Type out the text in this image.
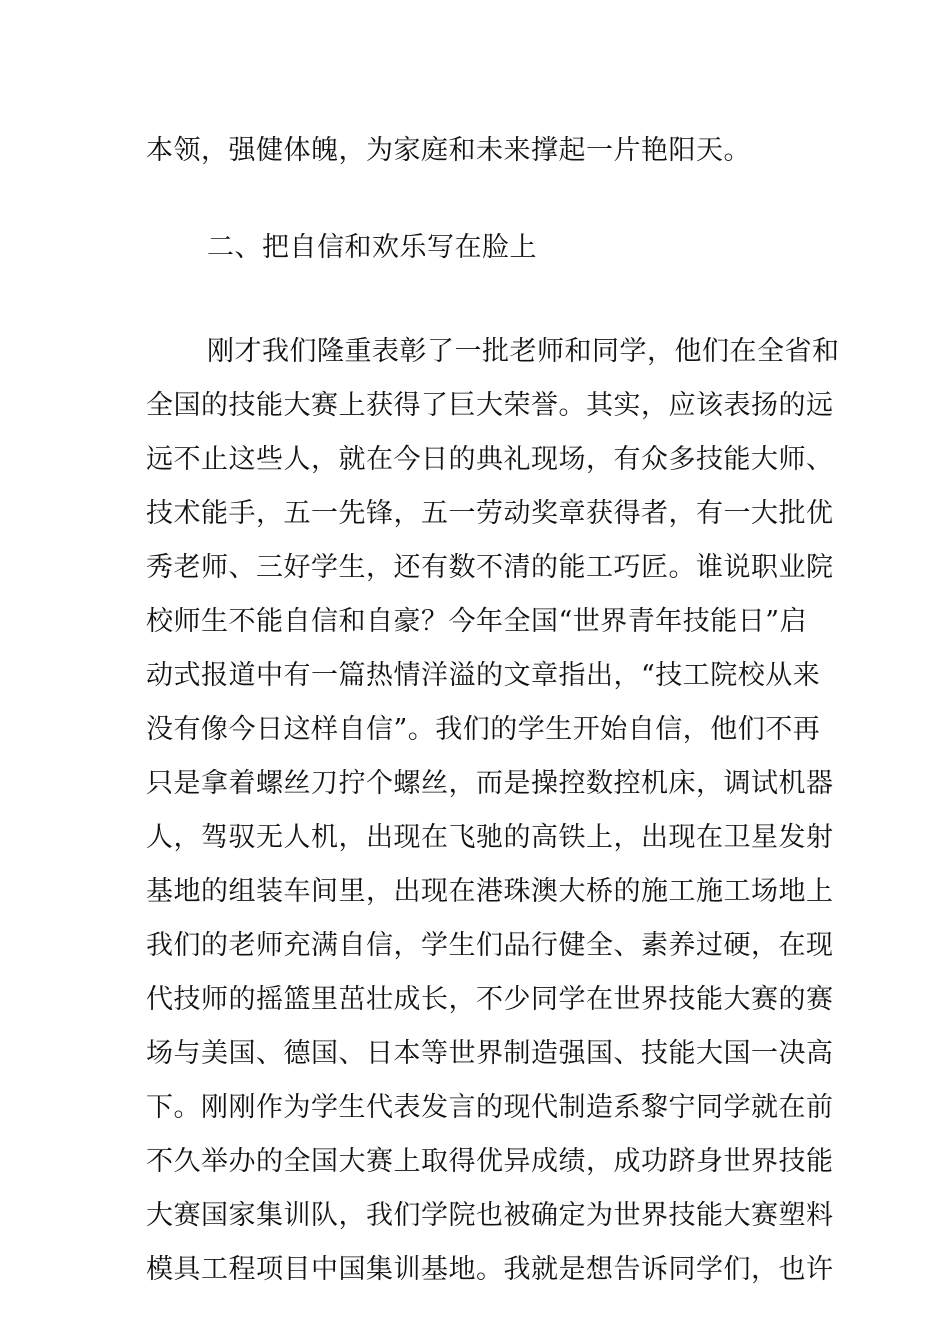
本领，强健体魄，为家庭和未来撑起一片艳阳天。
二、把自信和欢乐写在脸上
刚才我们隆重表彰了一批老师和同学，他们在全省和
全国的技能大赛上获得了巨大荣誉。其实，应该表扬的远
远不止这些人，就在今日的典礼现场，有众多技能大师、
技术能手，五一先锋，五一劳动奖章获得者，有一大批优
秀老师、三好学生，还有数不清的能工巧匠。谁说职业院
校师生不能自信和自豪？今年全国“世界青年技能日”启
动式报道中有一篇热情洋溢的文章指出，“技工院校从来
没有像今日这样自信”。我们的学生开始自信，他们不再
只是拿着螺丝刀拧个螺丝，而是操控数控机床，调试机器
人，驾驭无人机，出现在飞驰的高铁上，出现在卫星发射
基地的组装车间里，出现在港珠澳大桥的施工施工场地上
我们的老师充满自信，学生们品行健全、素养过硬，在现
代技师的摇篮里茁壮成长，不少同学在世界技能大赛的赛
场与美国、德国、日本等世界制造强国、技能大国一决高
下。刚刚作为学生代表发言的现代制造系黎宁同学就在前
不久举办的全国大赛上取得优异成绩，成功跻身世界技能
大赛国家集训队，我们学院也被确定为世界技能大赛塑料
模具工程项目中国集训基地。我就是想告诉同学们，也许
